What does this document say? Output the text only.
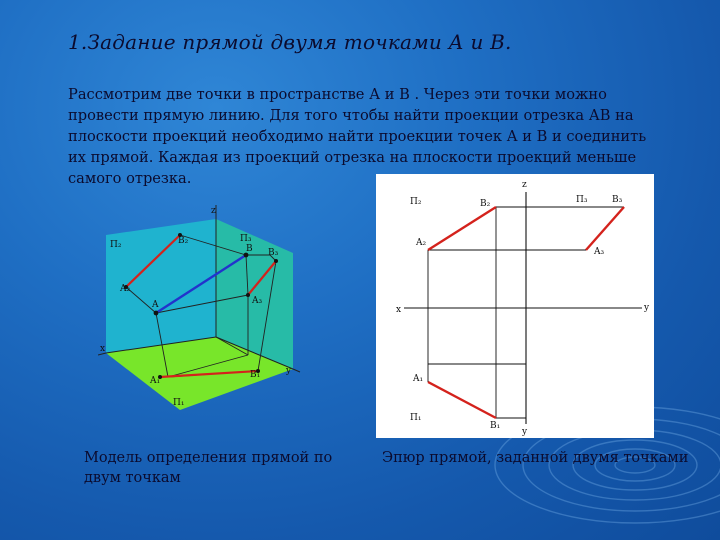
1.Задание прямой двумя точками А и В.
Рассмотрим две точки в пространстве А и В . Через эти точки можно провести прямую линию. Для того чтобы найти проекции отрезка АВ на плоскости проекций необходимо найти проекции точек А и В и соединить их прямой. Каждая из проекций отрезка на плоскости проекций меньше самого отрезка.
z
x
y
П₂
П₃
П₁
A
B
A₂
B₂
A₁
B₁
A₃
B₃
z
x	y
y
П₂	П₃
П₁
B₂
A₂
B₃
A₃
A₁
B₁
Модель определения прямой по двум точкам
Эпюр прямой, заданной двумя точками
